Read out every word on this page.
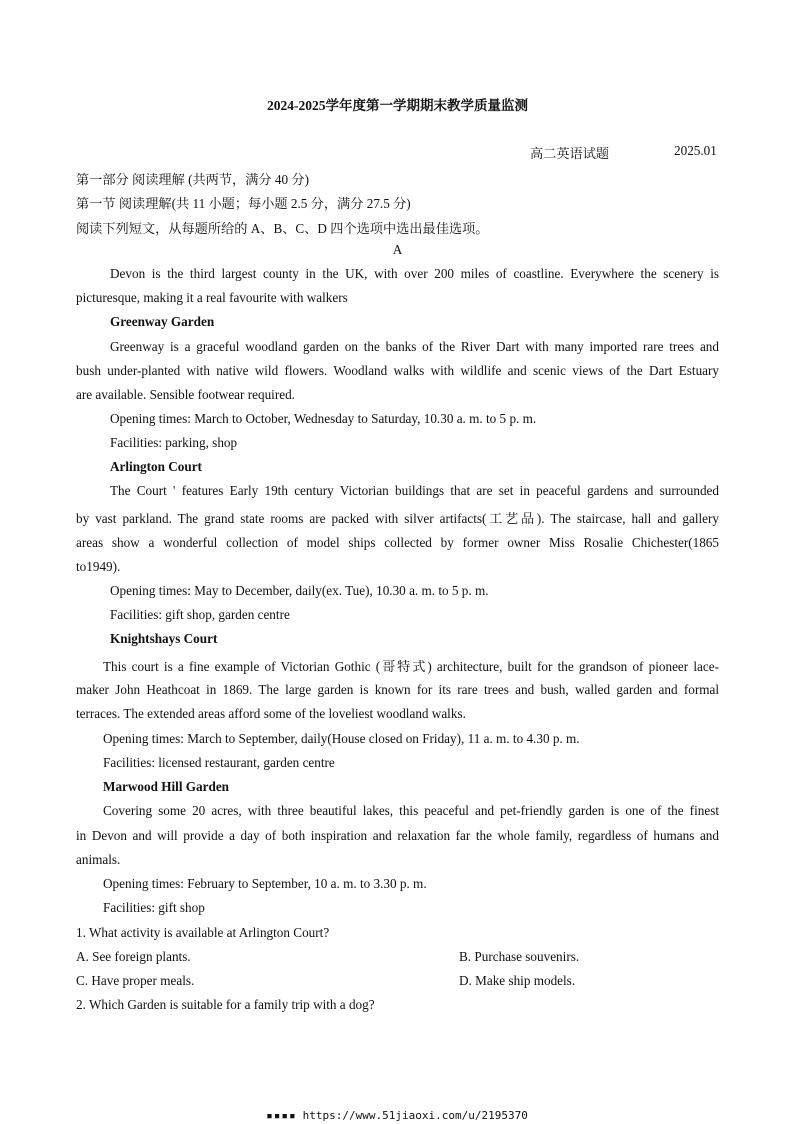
2024-2025学年度第一学期期末教学质量监测
高二英语试题	2025.01
第一部分 阅读理解 (共两节，满分 40 分)
第一节 阅读理解(共 11 小题；每小题 2.5 分，满分 27.5 分)
阅读下列短文，从每题所给的 A、B、C、D 四个选项中选出最佳选项。
A
Devon is the third largest county in the UK, with over 200 miles of coastline. Everywhere the scenery is
picturesque, making it a real favourite with walkers
Greenway Garden
Greenway is a graceful woodland garden on the banks of the River Dart with many imported rare trees and
bush under-planted with native wild flowers. Woodland walks with wildlife and scenic views of the Dart Estuary
are available. Sensible footwear required.
Opening times: March to October, Wednesday to Saturday, 10.30 a. m. to 5 p. m.
Facilities: parking, shop
Arlington Court
The Court ' features Early 19th century Victorian buildings that are set in peaceful gardens and surrounded
by vast parkland. The grand state rooms are packed with silver artifacts(工艺品). The staircase, hall and gallery
areas show a wonderful collection of model ships collected by former owner Miss Rosalie Chichester(1865
to1949).
Opening times: May to December, daily(ex. Tue), 10.30 a. m. to 5 p. m.
Facilities: gift shop, garden centre
Knightshays Court
This court is a fine example of Victorian Gothic (哥特式) architecture, built for the grandson of pioneer lace-
maker John Heathcoat in 1869. The large garden is known for its rare trees and bush, walled garden and formal
terraces. The extended areas afford some of the loveliest woodland walks.
Opening times: March to September, daily(House closed on Friday), 11 a. m. to 4.30 p. m.
Facilities: licensed restaurant, garden centre
Marwood Hill Garden
Covering some 20 acres, with three beautiful lakes, this peaceful and pet-friendly garden is one of the finest
in Devon and will provide a day of both inspiration and relaxation far the whole family, regardless of humans and
animals.
Opening times: February to September, 10 a. m. to 3.30 p. m.
Facilities: gift shop
1. What activity is available at Arlington Court?
A. See foreign plants.	B. Purchase souvenirs.
C. Have proper meals.	D. Make ship models.
2. Which Garden is suitable for a family trip with a dog?
▪▪▪▪ https://www.51jiaoxi.com/u/2195370
